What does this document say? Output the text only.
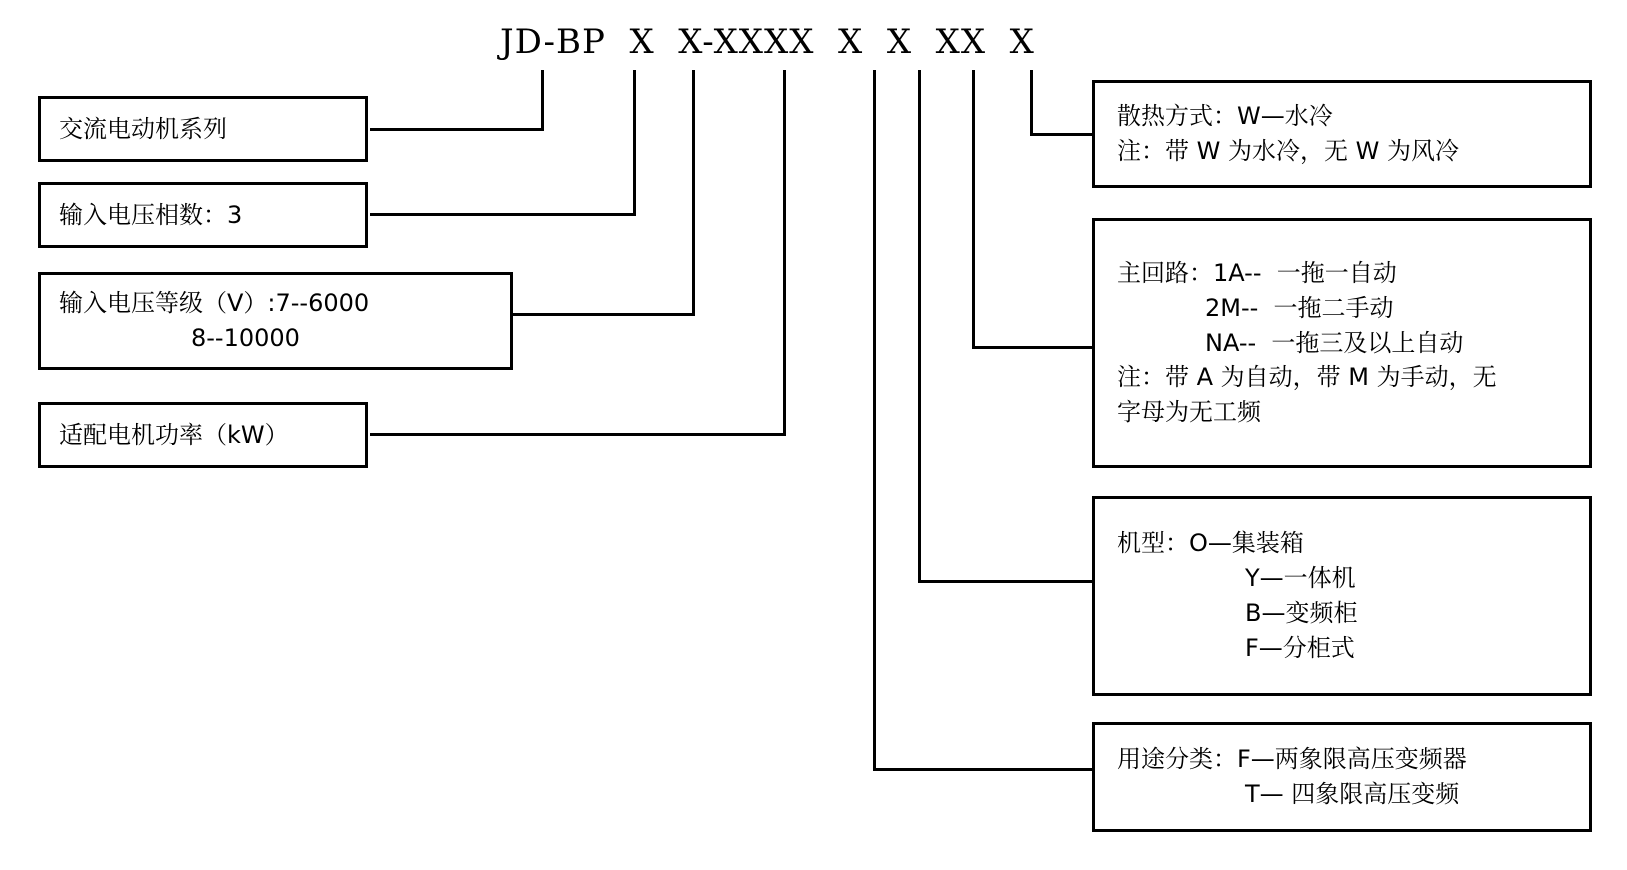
JD-BP  X  X-XXXX  X  X  XX  X
交流电动机系列
输入电压相数：3
输入电压等级（V）:7--6000
8--10000
适配电机功率（kW）
散热方式：W—水冷
注：带 W 为水冷，无 W 为风冷
主回路：1A--  一拖一自动
2M--  一拖二手动
NA--  一拖三及以上自动
注：带 A 为自动，带 M 为手动，无
字母为无工频
机型：O—集装箱
Y—一体机
B—变频柜
F—分柜式
用途分类：F—两象限高压变频器
T— 四象限高压变频
